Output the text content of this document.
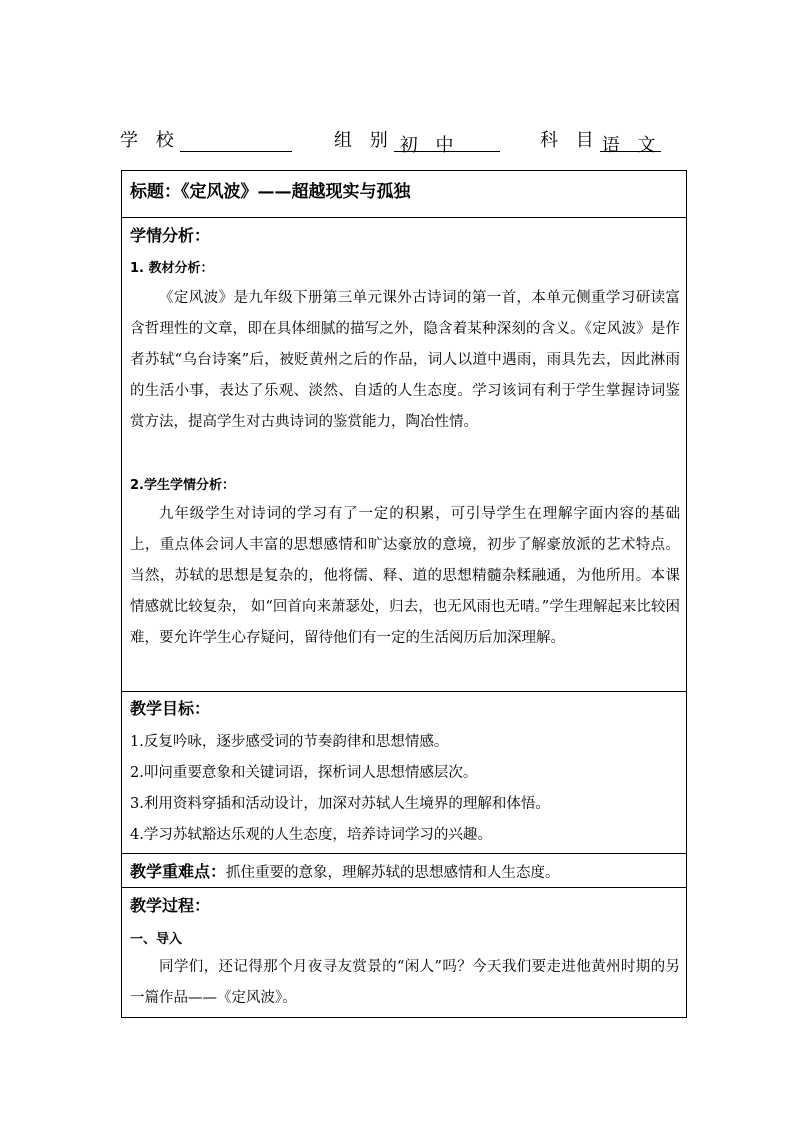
学 校	组 别 初 中	科 目 语 文
标题：《定风波》——超越现实与孤独
学情分析：
1. 教材分析：
《定风波》是九年级下册第三单元课外古诗词的第一首，本单元侧重学习研读富含哲理性的文章，即在具体细腻的描写之外，隐含着某种深刻的含义。《定风波》是作者苏轼“乌台诗案”后，被贬黄州之后的作品，词人以道中遇雨，雨具先去，因此淋雨的生活小事，表达了乐观、淡然、自适的人生态度。学习该词有利于学生掌握诗词鉴赏方法，提高学生对古典诗词的鉴赏能力，陶冶性情。
2.学生学情分析：
九年级学生对诗词的学习有了一定的积累，可引导学生在理解字面内容的基础上，重点体会词人丰富的思想感情和旷达豪放的意境，初步了解豪放派的艺术特点。当然，苏轼的思想是复杂的，他将儒、释、道的思想精髓杂糅融通，为他所用。本课情感就比较复杂， 如“回首向来萧瑟处，归去，也无风雨也无晴。”学生理解起来比较困难，要允许学生心存疑问，留待他们有一定的生活阅历后加深理解。
教学目标：
1.反复吟咏，逐步感受词的节奏韵律和思想情感。
2.叩问重要意象和关键词语，探析词人思想情感层次。
3.利用资料穿插和活动设计，加深对苏轼人生境界的理解和体悟。
4.学习苏轼豁达乐观的人生态度，培养诗词学习的兴趣。
教学重难点：抓住重要的意象，理解苏轼的思想感情和人生态度。
教学过程：
一、导入
同学们，还记得那个月夜寻友赏景的“闲人”吗？今天我们要走进他黄州时期的另一篇作品——《定风波》。
